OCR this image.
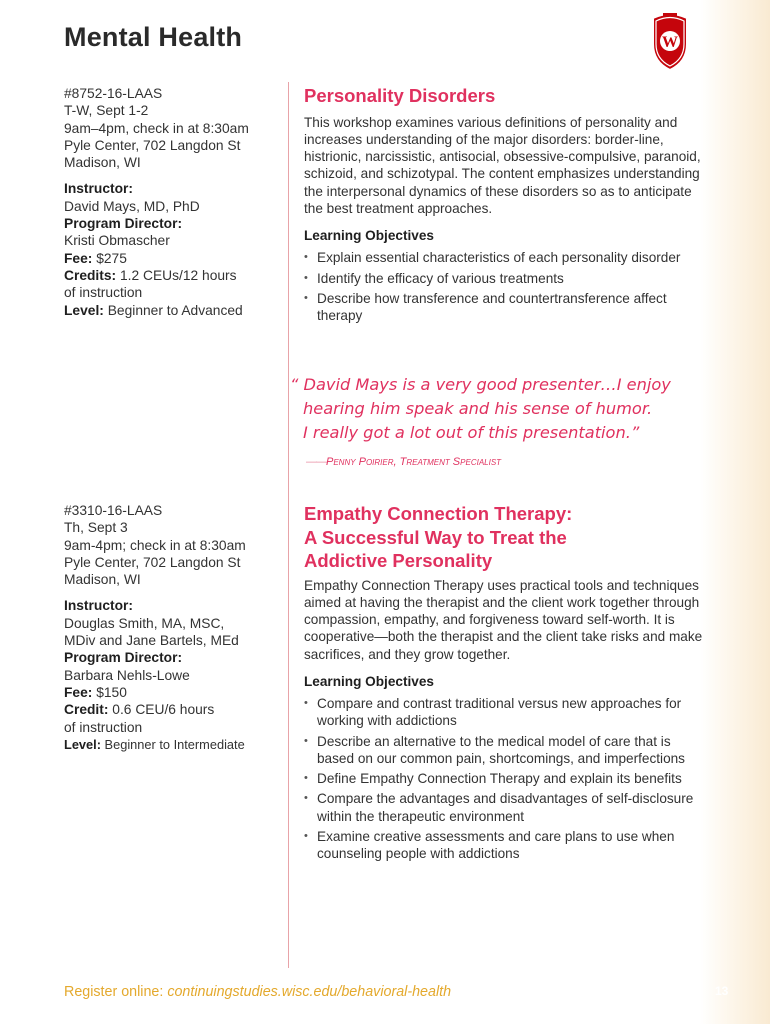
Mental Health	W

#8752-16-LAAS

T-W, Sept 1-2

9am–4pm, check in at 8:30am

Pyle Center, 702 Langdon St

Madison, WI

Instructor:

David Mays, MD, PhD

Program Director:

Kristi Obmascher

Fee: $275

Credits: 1.2 CEUs/12 hours

of instruction

Level: Beginner to Advanced

Personality Disorders

This workshop examines various definitions of personality and increases understanding of the major disorders: border-line, histrionic, narcissistic, antisocial, obsessive-compulsive, paranoid, schizoid, and schizotypal. The content emphasizes understanding the interpersonal dynamics of these disorders so as to anticipate the best treatment approaches.

Learning Objectives

• Explain essential characteristics of each personality disorder
• Identify the efficacy of various treatments
• Describe how transference and countertransference affect therapy
“ David Mays is a very good presenter…I enjoy
hearing him speak and his sense of humor.
I really got a lot out of this presentation.”
——Penny Poirier, Treatment Specialist

#3310-16-LAAS

Th, Sept 3

9am-4pm; check in at 8:30am

Pyle Center, 702 Langdon St

Madison, WI

Instructor:

Douglas Smith, MA, MSC,

MDiv and Jane Bartels, MEd

Program Director:

Barbara Nehls-Lowe

Fee: $150

Credit: 0.6 CEU/6 hours

of instruction

Level: Beginner to Intermediate

Empathy Connection Therapy:

A Successful Way to Treat the

Addictive Personality

Empathy Connection Therapy uses practical tools and techniques aimed at having the therapist and the client work together through compassion, empathy, and forgiveness toward self-worth. It is cooperative—both the therapist and the client take risks and make sacrifices, and they grow together.

Learning Objectives

• Compare and contrast traditional versus new approaches for working with addictions
• Describe an alternative to the medical model of care that is based on our common pain, shortcomings, and imperfections
• Define Empathy Connection Therapy and explain its benefits
• Compare the advantages and disadvantages of self-disclosure within the therapeutic environment
• Examine creative assessments and care plans to use when counseling people with addictions
Register online: continuingstudies.wisc.edu/behavioral-health	13
